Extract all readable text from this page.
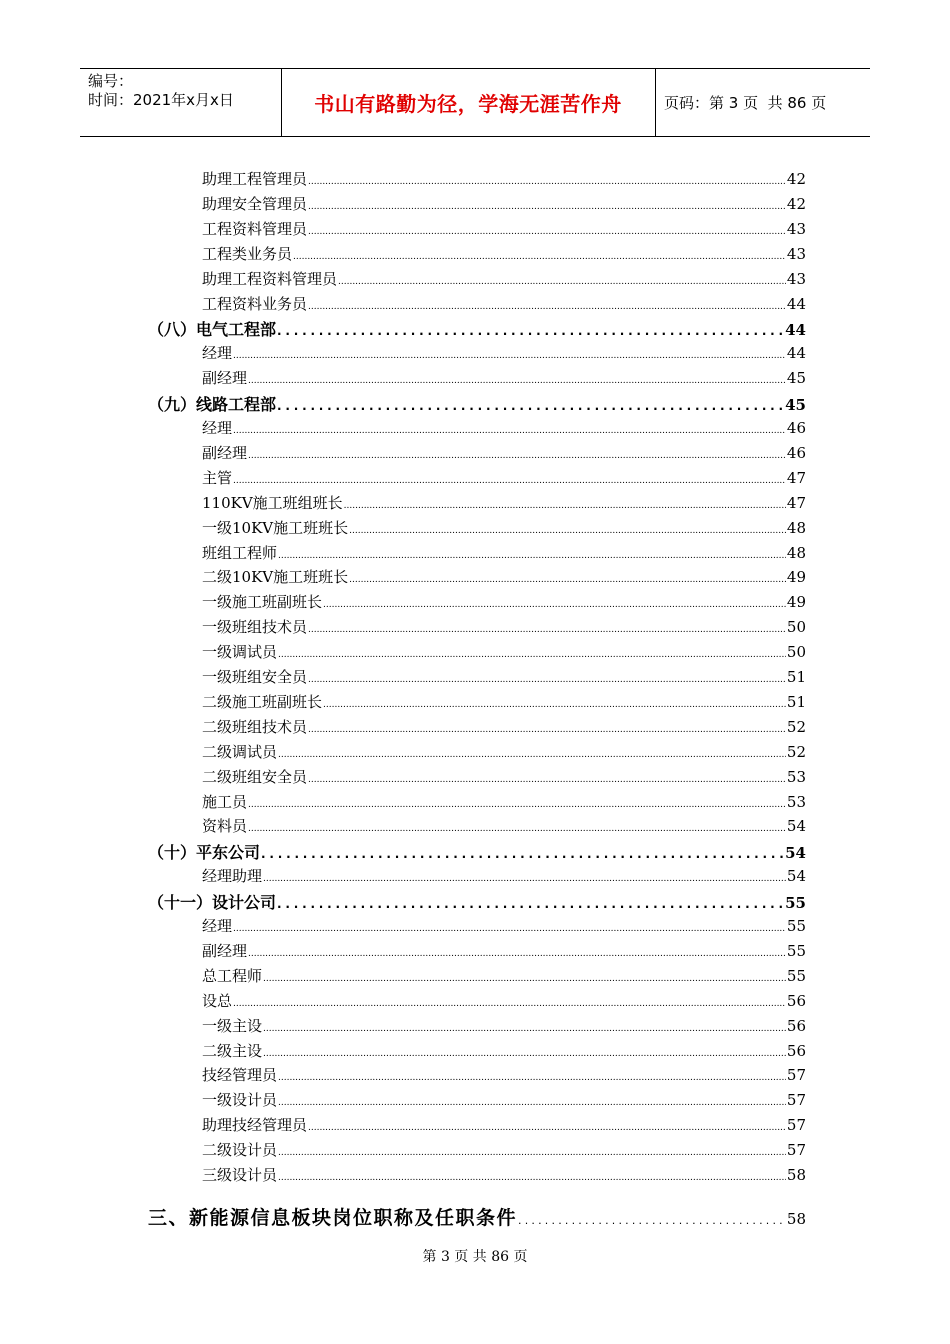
编号：
时间：2021年x月x日	书山有路勤为径，学海无涯苦作舟	页码：第 3 页  共 86 页
助理工程管理员 .....	42
助理安全管理员 .....	42
工程资料管理员 .....	43
工程类业务员 .....	43
助理工程资料管理员 .....	43
工程资料业务员 .....	44
（八）电气工程部 .....	44
经理 .....	44
副经理 .....	45
（九）线路工程部 .....	45
经理 .....	46
副经理 .....	46
主管 .....	47
110KV施工班组班长 .....	47
一级10KV施工班班长 .....	48
班组工程师 .....	48
二级10KV施工班班长 .....	49
一级施工班副班长 .....	49
一级班组技术员 .....	50
一级调试员 .....	50
一级班组安全员 .....	51
二级施工班副班长 .....	51
二级班组技术员 .....	52
二级调试员 .....	52
二级班组安全员 .....	53
施工员 .....	53
资料员 .....	54
（十）平东公司 .....	54
经理助理 .....	54
（十一）设计公司 .....	55
经理 .....	55
副经理 .....	55
总工程师 .....	55
设总 .....	56
一级主设 .....	56
二级主设 .....	56
技经管理员 .....	57
一级设计员 .....	57
助理技经管理员 .....	57
二级设计员 .....	57
三级设计员 .....	58
三、新能源信息板块岗位职称及任职条件 .....	58
第 3 页 共 86 页
